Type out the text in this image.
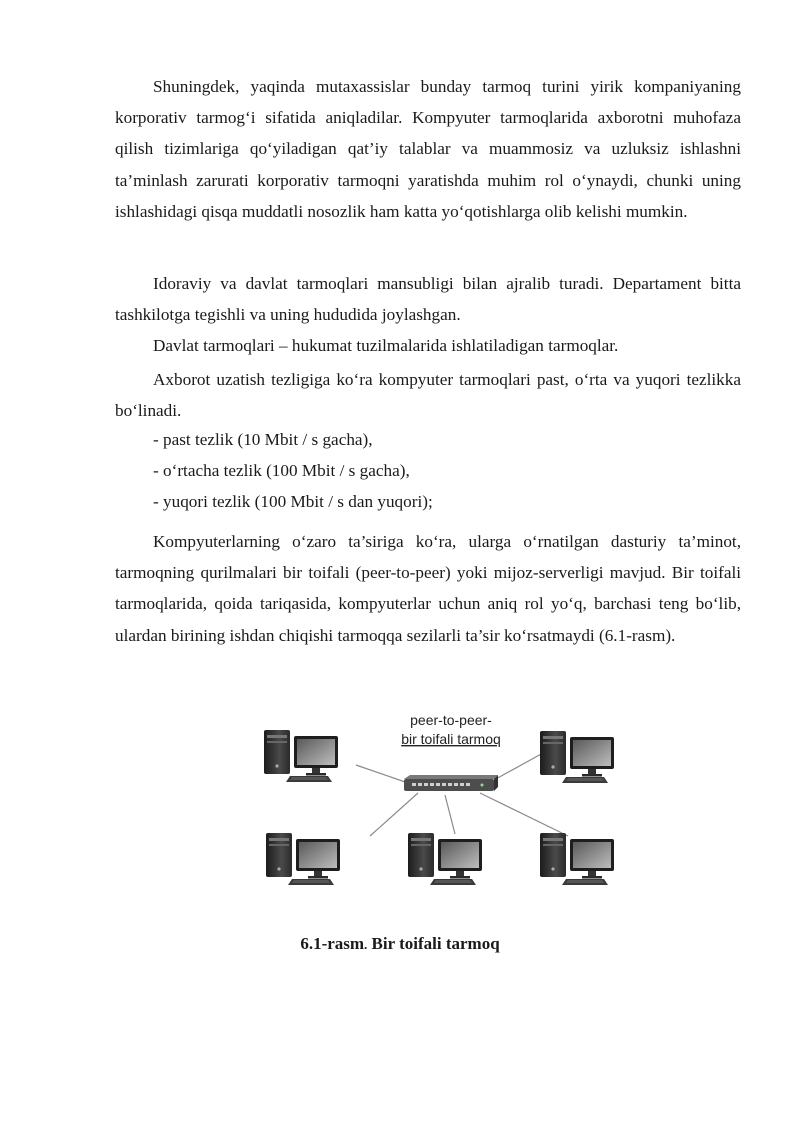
Shuningdek, yaqinda mutaxassislar bunday tarmoq turini yirik kompaniyaning korporativ tarmog‘i sifatida aniqladilar. Kompyuter tarmoqlarida axborotni muhofaza qilish tizimlariga qo‘yiladigan qat’iy talablar va muammosiz va uzluksiz ishlashni ta’minlash zarurati korporativ tarmoqni yaratishda muhim rol o‘ynaydi, chunki uning ishlashidagi qisqa muddatli nosozlik ham katta yo‘qotishlarga olib kelishi mumkin.

Idoraviy va davlat tarmoqlari mansubligi bilan ajralib turadi. Departament bitta tashkilotga tegishli va uning hududida joylashgan.

Davlat tarmoqlari – hukumat tuzilmalarida ishlatiladigan tarmoqlar.

Axborot uzatish tezligiga ko‘ra kompyuter tarmoqlari past, o‘rta va yuqori tezlikka bo‘linadi.

- past tezlik (10 Mbit / s gacha),

- o‘rtacha tezlik (100 Mbit / s gacha),

- yuqori tezlik (100 Mbit / s dan yuqori);

Kompyuterlarning o‘zaro ta’siriga ko‘ra, ularga o‘rnatilgan dasturiy ta’minot, tarmoqning qurilmalari bir toifali (peer-to-peer) yoki mijoz-serverligi mavjud. Bir toifali tarmoqlarida, qoida tariqasida, kompyuterlar uchun aniq rol yo‘q, barchasi teng bo‘lib, ulardan birining ishdan chiqishi tarmoqqa sezilarli ta’sir ko‘rsatmaydi (6.1-rasm).

peer-to-peer-
bir toifali tarmoq
6.1-rasm. Bir toifali tarmoq
